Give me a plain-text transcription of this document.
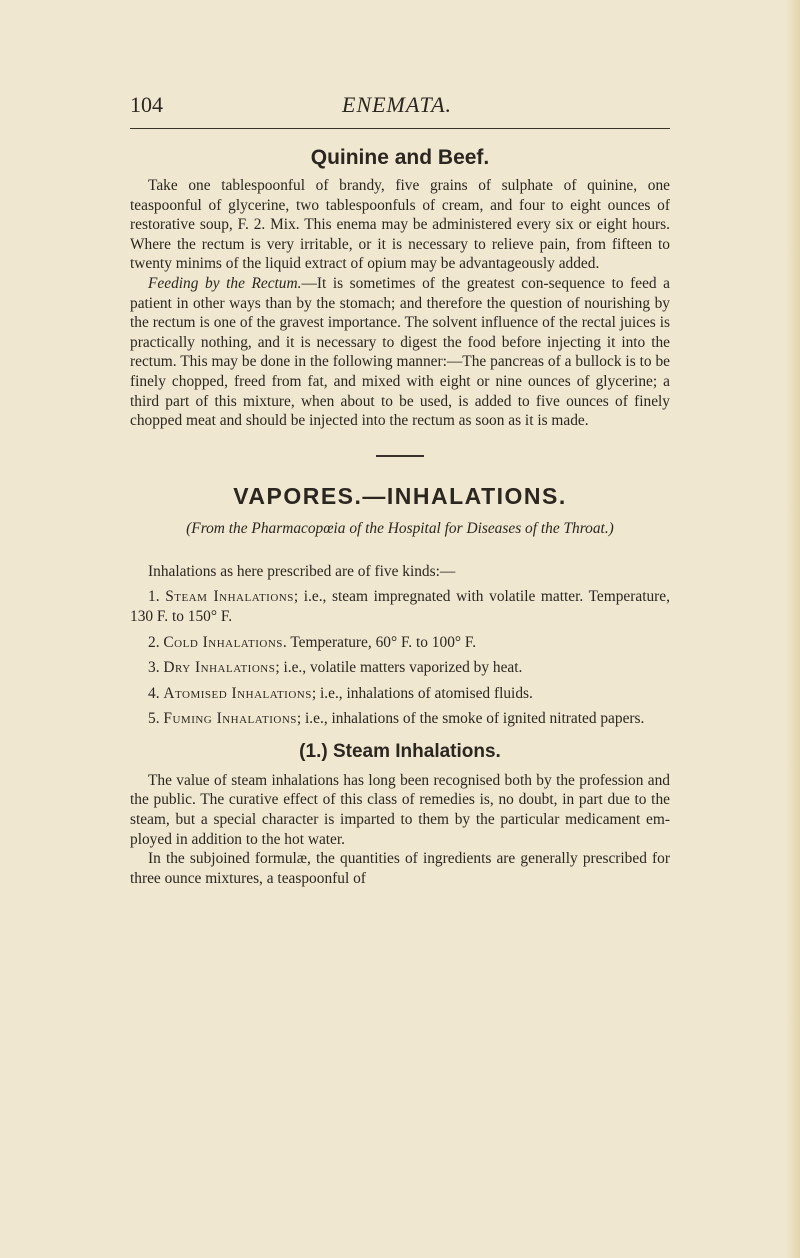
104	ENEMATA.
Quinine and Beef.

Take one tablespoonful of brandy, five grains of sulphate of quinine, one teaspoonful of glycerine, two tablespoonfuls of cream, and four to eight ounces of restorative soup, F. 2. Mix. This enema may be administered every six or eight hours. Where the rectum is very irritable, or it is necessary to relieve pain, from fifteen to twenty minims of the liquid extract of opium may be advantageously added.

Feeding by the Rectum.—It is sometimes of the greatest con-sequence to feed a patient in other ways than by the stomach; and therefore the question of nourishing by the rectum is one of the gravest importance. The solvent influence of the rectal juices is practically nothing, and it is necessary to digest the food before injecting it into the rectum. This may be done in the following manner:—The pancreas of a bullock is to be finely chopped, freed from fat, and mixed with eight or nine ounces of glycerine; a third part of this mixture, when about to be used, is added to five ounces of finely chopped meat and should be injected into the rectum as soon as it is made.

VAPORES.—INHALATIONS.
(From the Pharmacopœia of the Hospital for Diseases of the Throat.)

Inhalations as here prescribed are of five kinds:—

1. Steam Inhalations; i.e., steam impregnated with volatile matter. Temperature, 130 F. to 150° F.

2. Cold Inhalations. Temperature, 60° F. to 100° F.

3. Dry Inhalations; i.e., volatile matters vaporized by heat.

4. Atomised Inhalations; i.e., inhalations of atomised fluids.

5. Fuming Inhalations; i.e., inhalations of the smoke of ignited nitrated papers.

(1.) Steam Inhalations.

The value of steam inhalations has long been recognised both by the profession and the public. The curative effect of this class of remedies is, no doubt, in part due to the steam, but a special character is imparted to them by the particular medicament em-ployed in addition to the hot water.

In the subjoined formulæ, the quantities of ingredients are generally prescribed for three ounce mixtures, a teaspoonful of
